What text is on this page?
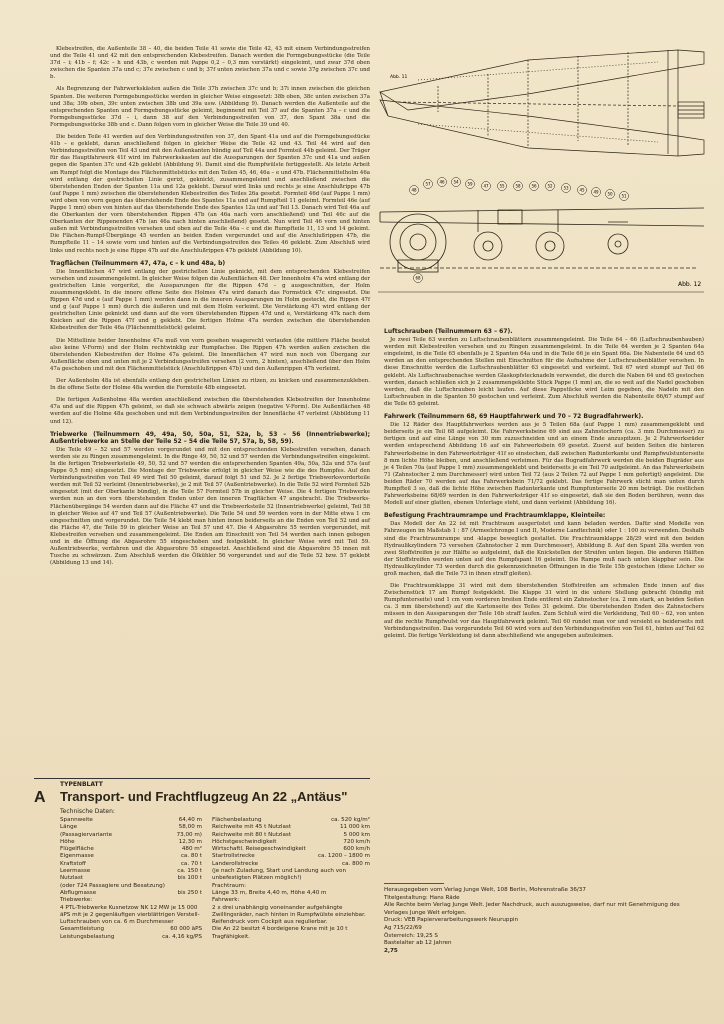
Klebestreifen, die Außenteile 38 – 40, die beiden Teile 41 sowie die Teile 42, 43 mit einem Verbindungsstreifen und die Teile 41 und 42 mit den entsprechenden Klebestreifen. Danach werden die Formgebungsstücke (die Teile 37d – i; 41b – f; 42c – h und 43b, c werden mit Pappe 0,2 – 0,3 mm verstärkt) eingeleimt, und zwar 37d oben zwischen die Spanten 37a und c; 37e zwischen c und b; 37f unten zwischen 37a und c sowie 37g zwischen 37c und b.

Als Begrenzung der Fahrwerkskästen außen die Teile 37h zwischen 37c und b; 37i innen zwischen die gleichen Spanten. Die weiteren Formgebungsstücke werden in gleicher Weise eingesetzt: 38b oben, 38c unten zwischen 37a und 38a; 39b oben, 39c unten zwischen 38b und 39a usw. (Abbildung 9). Danach werden die Außenteile auf die entsprechenden Spanten und Formgebungsstücke geleimt, beginnend mit Teil 37 auf die Spanten 37a – c und die Formgebungsstücke 37d – i, dann 38 auf den Verbindungsstreifen von 37, den Spant 38a und die Formgebungsstücke 38b und c. Dann folgen vorn in gleicher Weise die Teile 39 und 40.

Die beiden Teile 41 werden auf den Verbindungsstreifen von 37, den Spant 41a und auf die Formgebungsstücke 41b – e geklebt, daran anschließend folgen in gleicher Weise die Teile 42 und 43. Teil 44 wird auf den Verbindungsstreifen von Teil 43 und mit den Außenkanten bündig auf Teil 44a und Formteil 44b geleimt. Der Träger für das Hauptfahrwerk 41f wird im Fahrwerkskasten auf die Aussparungen der Spanten 37c und 41a und außen gegen die Spanten 37c und 42b geklebt (Abbildung 9). Damit sind die Rumpfwülste fertiggestellt. Als letzte Arbeit am Rumpf folgt die Montage des Flächenmittelstücks mit den Teilen 45, 46, 46a – e und 47b. Flächenmittelholm 46a wird entlang der gestrichelten Linie gerizt, geknickt, zusammengeleimt und anschließend zwischen die überstehenden Enden der Spanten 11a und 12a geklebt. Darauf wird links und rechts je eine Anschlußrippe 47b (auf Pappe 1 mm) zwischen die überstehenden Klebestreifen des Teiles 26a gesetzt. Formteil 46d (auf Pappe 1 mm) wird oben von vorn gegen das überstehende Ende des Spantes 11a und auf Rumpfteil 11 geleimt. Formteil 46e (auf Pappe 1 mm) oben von hinten auf das überstehende Ende des Spantes 12a und auf Teil 13. Danach wird Teil 46a auf die Oberkanten der vorn überstehenden Rippen 47b (an 46a nach vorn anschließend) und Teil 46c auf die Oberkanten der Rippenenden 47b (an 46a nach hinten anschließend) gesetzt. Nun wird Teil 46 vorn und hinten außen mit Verbindungsstreifen versehen und oben auf die Teile 46a – c und die Rumpfteile 11, 13 und 14 geleimt. Die Flächen-Rumpf-Übergänge 45 werden an beiden Enden vergerundet und auf die Anschlußrippen 47b, die Rumpfteile 11 – 14 sowie vorn und hinten auf die Verbindungsstreifen des Teiles 46 geklebt. Zum Abschluß wird links und rechts noch je eine Rippe 47b auf die Anschlußrippen 47b geklebt (Abbildung 10).

Tragflächen (Teilnummern 47, 47a, c – k und 48a, b)

Die Innenflächen 47 wird entlang der gestrichelten Linie geknickt, mit dem entsprechenden Klebestreifen versehen und zusammengeleimt. In gleicher Weise folgen die Außenflächen 48. Der Innenholm 47a wird entlang der gestrichelten Linie vorgeritzt, die Aussparungen für die Rippen 47d – g ausgeschnitten, der Holm zusammengeklebt. In die innere offene Seite des Holmes 47a wird danach das Formstück 47c eingesetzt. Die Rippen 47d und e (auf Pappe 1 mm) werden dann in die inneren Aussparungen im Holm gesteckt, die Rippen 47f und g (auf Pappe 1 mm) durch die äußeren und mit dem Holm verleimt. Die Verstärkung 47i wird entlang der gestrichelten Linie geknickt und dann auf die vorn überstehenden Rippen 47d und e, Verstärkung 47k nach dem Knicken auf die Rippen 47f und g geklebt. Die fertigen Holme 47a werden zwischen die überstehenden Klebestreifen der Teile 46a (Flächenmittelstück) geleimt.

Die Mittellinie beider Innenholme 47a muß von vorn gesehen waagerecht verlaufen (die mittlere Fläche besitzt also keine V-Form) und der Holm rechtwinklig zur Rumpfachse. Die Rippen 47h werden außen zwischen die überstehenden Klebestreifen der Holme 47a geleimt. Die Innenflächen 47 wird nun noch von Übergang zur Außenfläche oben und unten mit je 2 Verbindungsstreifen versehen (2 vorn, 2 hinten), anschließend über den Holm 47a geschoben und mit den Flächenmittelstück (Anschlußrippen 47b) und den Außenrippen 47h verleimt.

Der Außenholm 48a ist ebenfalls entlang den gestrichelten Linien zu ritzen, zu knicken und zusammenzukleben. In die offene Seite der Holme 48a werden die Formteile 48b eingesetzt.

Die fertigen Außenholme 48a werden anschließend zwischen die überstehenden Klebestreifen der Innenholme 47a und auf die Rippen 47h geleimt, so daß sie schwach abwärts zeigen (negative V-Form). Die Außenflächen 48 werden auf die Holme 48a geschoben und mit dem Verbindungsstreifen der Innenfläche 47 verleimt (Abbildung 11 und 12).

Triebwerke (Teilnummern 49, 49a, 50, 50a, 51, 52a, b, 53 – 56 (Innentriebwerke); Außentriebwerke an Stelle der Teile 52 – 54 die Teile 57, 57a, b, 58, 59).

Die Teile 49 – 52 und 57 werden vorgerundet und mit den entsprechenden Klebestreifen versehen, danach werden sie zu Ringen zusammengeleimt. In die Ringe 49, 50, 52 und 57 werden die Verbindungsstreifen eingeleimt. In die fertigen Triebwerksteile 49, 50, 52 und 57 werden die entsprechenden Spanten 49a, 50a, 52a und 57a (auf Pappe 0,5 mm) eingesetzt. Die Montage der Triebwerke erfolgt in gleicher Weise wie die des Rumpfes. Auf den Verbindungsstreifen von Teil 49 wird Teil 50 geleimt, darauf folgt 51 und 52. Je 2 fertige Triebwerksvorderteile werden mit Teil 52 verleimt (Innentriebwerke), je 2 mit Teil 57 (Außentriebwerke). In die Teile 52 wird Formteil 52b eingesetzt (mit der Oberkante bündig), in die Teile 57 Formteil 57b in gleicher Weise. Die 4 fertigen Triebwerke werden nun an den vorn überstehenden Enden unter den inneren Tragflächen 47 angebracht. Die Triebwerks-Flächenübergänge 54 werden dann auf die Fläche 47 und die Triebwerksteile 52 (Innentriebwerke) geleimt, Teil 58 in gleicher Weise auf 47 und Teil 57 (Außentriebwerke). Die Teile 54 und 59 werden vorn in der Mitte etwa 1 cm eingeschnitten und vorgerundet. Die Teile 54 klebt man hinten innen beiderseits an die Enden von Teil 52 und auf die Fläche 47, die Teile 59 in gleicher Weise an Teil 57 und 47. Die 4 Abgasrohre 55 werden vorgerundet, mit Klebestreifen versehen und zusammengeleimt. Die Enden am Einschnitt von Teil 54 werden nach innen gebogen und in die Öffnung die Abgasrohre 55 eingeschoben und festgeklebt. In gleicher Weise wird mit Teil 59. Außentriebwerke, verfahren und die Abgasrohre 55 eingesetzt. Anschließend sind die Abgasrohre 55 innen mit Tusche zu schwärzen. Zum Abschluß werden die Ölkühler 56 vorgerundet und auf die Teile 52 bzw. 57 geklebt (Abbildung 13 und 14).

Abb. 11
48
57 46 54 59	47	55	58	56	52	53	45 49 50 51
68
Abb. 12
Luftschrauben (Teilnummern 63 – 67).

Je zwei Teile 63 werden zu Luftschraubenblättern zusammengeleimt. Die Teile 64 – 66 (Luftschraubenhauben) werden mit Klebestreifen versehen und zu Ringen zusammengeleimt. In die Teile 64 werden je 2 Spanten 64a eingeleimt, in die Teile 65 ebenfalls je 2 Spanten 64a und in die Teile 66 je ein Spant 66a. Die Nabenteile 64 und 65 werden an den entsprechenden Stellen mit Einschnitten für die Aufnahme der Luftschraubenblätter versehen. In diese Einschnitte werden die Luftschraubenblätter 63 eingesetzt und verleimt. Teil 67 wird stumpf auf Teil 66 geklebt. Als Luftschraubenachse werden Glaskopfstecknadeln verwendet, die durch die Naben 64 und 65 gestochen werden, danach schließen sich je 2 zusammengeklebte Stück Pappe (1 mm) an, die so weit auf die Nadel geschoben werden, daß die Luftschrauben leicht laufen. Auf diese Pappstücke wird Leim gegeben, die Nadeln mit den Luftschrauben in die Spanten 50 gestochen und verleimt. Zum Abschluß werden die Nabenteile 66/67 stumpf auf die Teile 65 geleimt.

Fahrwerk (Teilnummern 68, 69 Hauptfahrwerk und 70 – 72 Bugradfahrwerk).

Die 12 Räder des Hauptfahrwerkes werden aus je 5 Teilen 68a (auf Pappe 1 mm) zusammengeklebt und beiderseits je ein Teil 68 aufgeleimt. Die Fahrwerksbeine 69 sind aus Zahnstochern (ca. 3 mm Durchmesser) zu fertigen und auf eine Länge von 30 mm zuzuschneiden und an einem Ende anzuspitzen. Je 2 Fahrwerksräder werden entsprechend Abbildung 16 auf ein Fahrwerksbein 69 gesetzt. Zuerst auf beiden Seiten die hinteren Fahrwerksbeine in den Fahrwerksträger 41f so einstechen, daß zwischen Radunterkante und Rumpfwulstunterseite 8 mm lichte Höhe bleiben, und anschließend verleimen. Für das Bugradfahrwerk werden die beiden Bugräder aus je 4 Teilen 70a (auf Pappe 1 mm) zusammengeklebt und beiderseits je ein Teil 70 aufgeleimt. An das Fahrwerksbein 71 (Zahnstocher 2 mm Durchmesser) wird unten Teil 72 (aus 2 Teilen 72 auf Pappe 1 mm gefertigt) angeleimt. Die beiden Räder 70 werden auf das Fahrwerksbein 71/72 geklebt. Das fertige Fahrwerk sticht man unten durch Rumpfteil 3 so, daß die lichte Höhe zwischen Radunterkante und Rumpfunterseite 20 mm beträgt. Die restlichen Fahrwerksbeine 68/69 werden in den Fahrwerksträger 41f so eingesetzt, daß sie den Boden berühren, wenn das Modell auf einer glatten, ebenen Unterlage steht, und dann verleimt (Abbildung 16).

Befestigung Frachtraumrampe und Frachtraumklappe, Kleinteile:

Das Modell der An 22 ist mit Frachtraum ausgerüstet und kann beladen werden. Dafür sind Modelle von Fahrzeugen im Maßstab 1 : 87 (Armeelchronge I und II, Moderne Landtechnik) oder 1 : 100 zu verwenden. Deshalb sind die Frachtraumrampe und -klappe beweglich gestaltet. Die Frachtraumklappe 28/29 wird mit den beiden Hydraulikzylindern 73 versehen (Zahnstocher 2 mm Durchmesser), Abbildung 8. Auf den Spant 28a werden von zwei Stoffstreifen je zur Hälfte so aufgeleimt, daß die Knickstellen der Streifen unten liegen. Die anderen Hälften der Stoffstreifen werden unten auf den Rumpfspant 16 geleimt. Die Rampe muß nach unten klappbar sein. Die Hydraulikzylinder 73 werden durch die gekennzeichneten Öffnungen in die Teile 15b gestochen (diese Löcher so groß machen, daß die Teile 73 in ihnen straff gleiten).

Die Frachtraumklappe 31 wird mit dem überstehenden Stoffstreifen am schmalen Ende innen auf das Zwischenstück 17 am Rumpf festgeklebt. Die Klappe 31 wird in die untere Stellung gebracht (bündig mit Rumpfunterseite) und 1 cm vom vorderen breiten Ende entfernt ein Zahnstocher (ca. 2 mm stark, an beiden Seiten ca. 3 mm überstehend) auf die Kartonseite des Teiles 31 geleimt. Die überstehenden Enden des Zahnstochers müssen in den Aussparungen der Teile 16b straff laufen. Zum Schluß wird die Verkleidung, Teil 60 – 62, von unten auf die rechte Rumpfwulst vor das Hauptfahrwerk geleimt. Teil 60 rundet man vor und versieht es beiderseits mit Verbindungsstreifen. Das vorgerundete Teil 60 wird vorn auf den Verbindungsstreifen von Teil 61, hinten auf Teil 62 geleimt. Die fertige Verkleidung ist dann abschließend wie angegeben aufzuleimen.

TYPENBLATT
A Transport- und Frachtflugzeug An 22 „Antäus"
Technische Daten:
Spannweite	64,40 m
Länge	58,00 m
(Passagiervariante	73,00 m)
Höhe	12,30 m
Flügelfläche	480 m²
Eigenmasse	ca. 80 t
Kraftstoff	ca. 70 t
Leermasse	ca. 150 t
Nutzlast	bis 100 t
(oder 724 Passagiere und Besatzung)
Abflugmasse	bis 250 t
Triebwerke:
4 PTL-Triebwerke Kusnetzow NK 12 MW je 15 000 äPS mit je 2 gegenläufigen vierblättrigen Verstell-Luftschrauben von ca. 6 m Durchmesser
Gesamtleistung	60 000 äPS
Leistungsbelastung	ca. 4,16 kg/PS
Flächenbelastung	ca. 520 kg/m²
Reichweite mit 45 t Nutzlast	11 000 km
Reichweite mit 80 t Nutzlast	5 000 km
Höchstgeschwindigkeit	720 km/h
Wirtschaftl. Reisegeschwindigkeit	600 km/h
Startrollstrecke	ca. 1200 – 1800 m
Landerollstrecke	ca. 800 m
(je nach Zuladung, Start und Landung auch von unbefestigten Plätzen möglich!)
Frachtraum:
Länge 33 m, Breite 4,40 m, Höhe 4,40 m
Fahrwerk:
2 x drei unabhängig voneinander aufgehängte Zwillingsräder, nach hinten in Rumpfwülste einziehbar. Reifendruck vom Cockpit aus regulierbar.
Die An 22 besitzt 4 bordeigene Krane mit je 10 t Tragfähigkeit.
Herausgegeben vom Verlag Junge Welt, 108 Berlin, Mohrenstraße 36/37
Titelgestaltung: Hans Räde
Alle Rechte beim Verlag Junge Welt. Jeder Nachdruck, auch auszugsweise, darf nur mit Genehmigung des Verlages Junge Welt erfolgen.
Druck: VEB Papierverarbeitungswerk Neuruppin
Ag 715/22/69
Österreich: 19,25 S
Bastelalter ab 12 Jahren
2,75
